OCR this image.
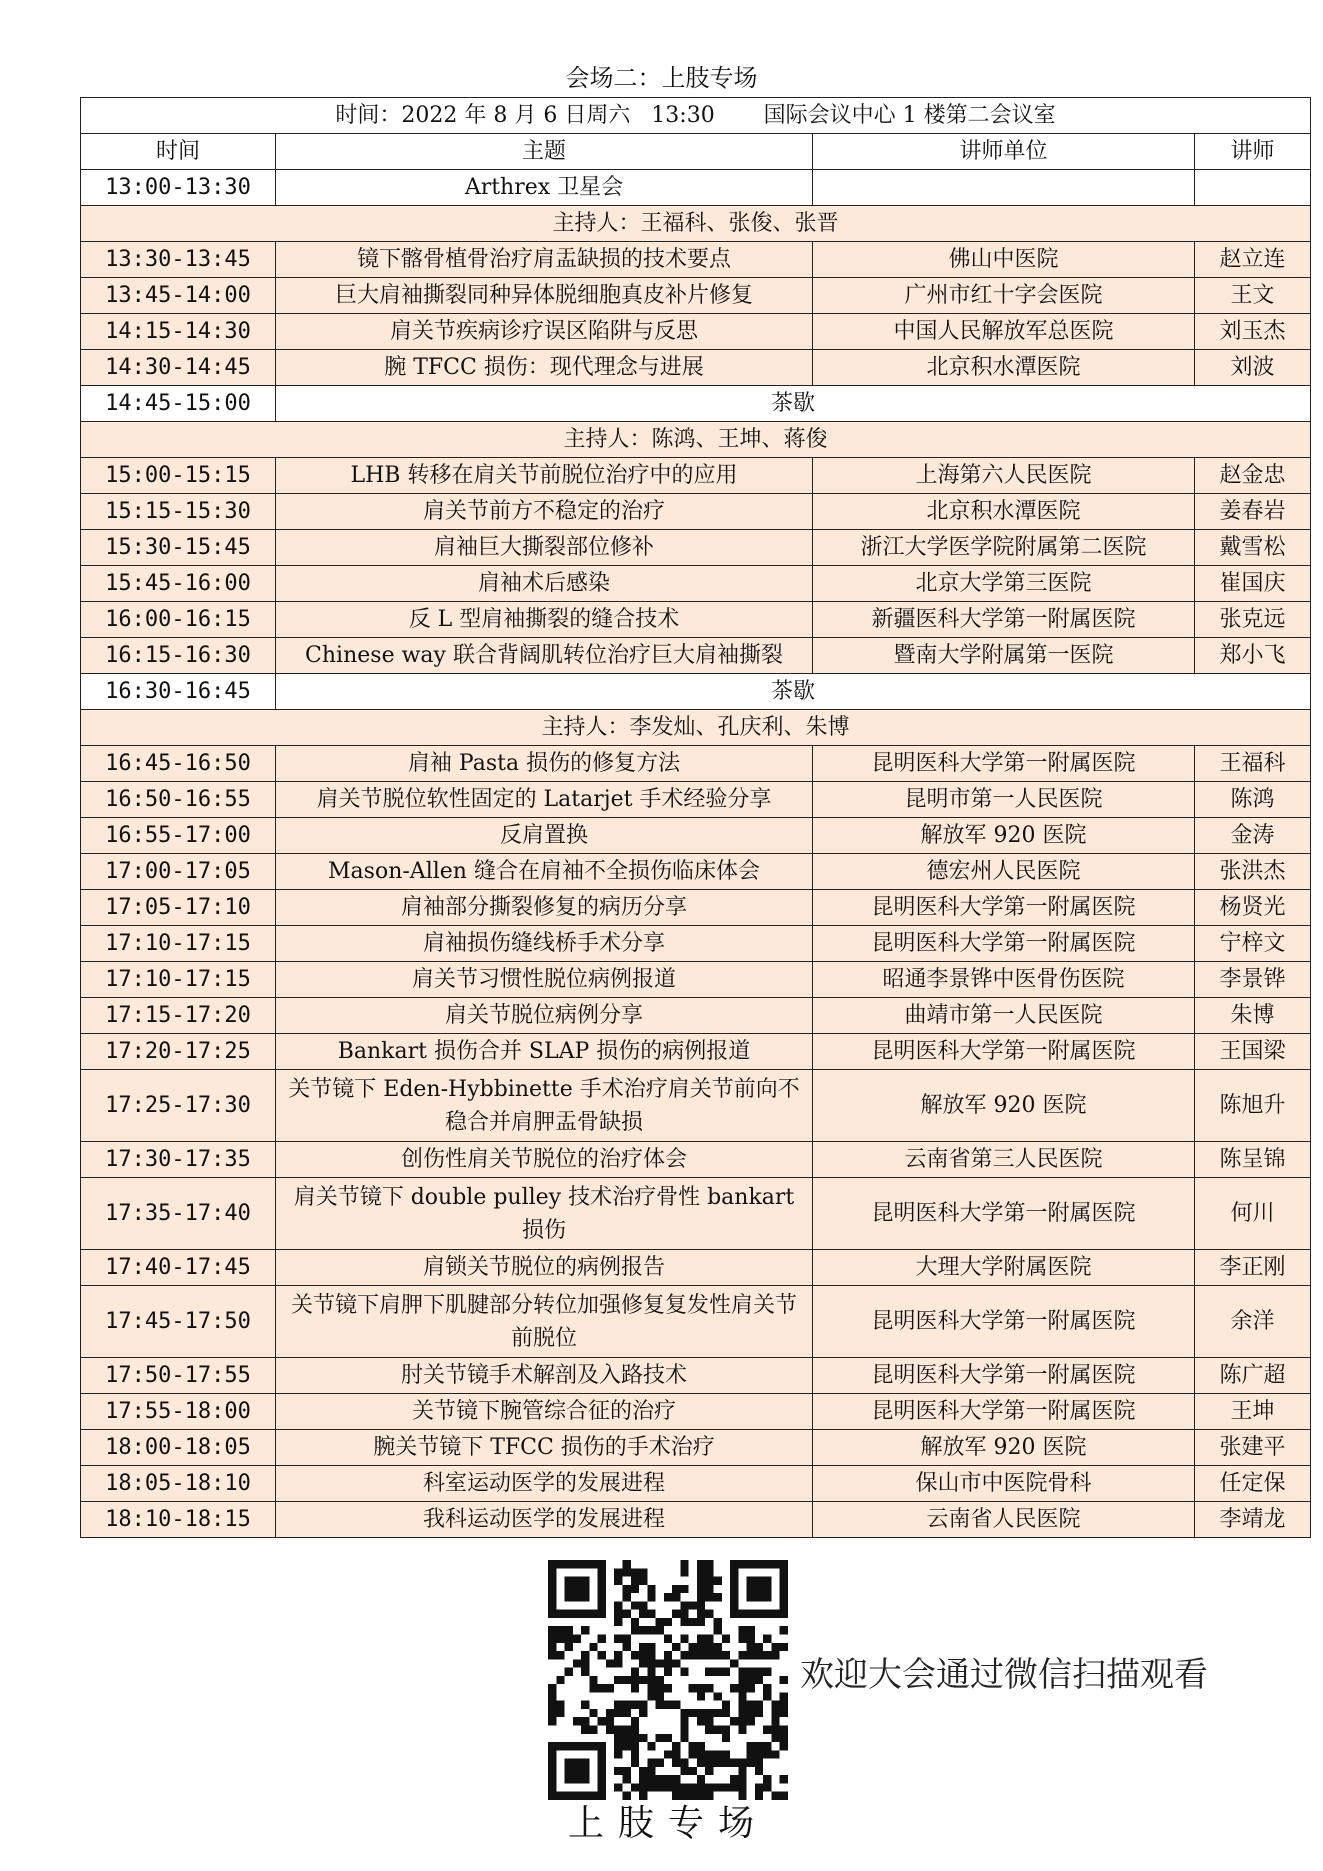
会场二：上肢专场
时间：2022 年 8 月 6 日周六   13:30       国际会议中心 1 楼第二会议室			
时间	主题	讲师单位	讲师
13:00-13:30	Arthrex 卫星会		
主持人：王福科、张俊、张晋			
13:30-13:45	镜下髂骨植骨治疗肩盂缺损的技术要点	佛山中医院	赵立连
13:45-14:00	巨大肩袖撕裂同种异体脱细胞真皮补片修复	广州市红十字会医院	王文
14:15-14:30	肩关节疾病诊疗误区陷阱与反思	中国人民解放军总医院	刘玉杰
14:30-14:45	腕 TFCC 损伤：现代理念与进展	北京积水潭医院	刘波
14:45-15:00	茶歇		
主持人：陈鸿、王坤、蒋俊			
15:00-15:15	LHB 转移在肩关节前脱位治疗中的应用	上海第六人民医院	赵金忠
15:15-15:30	肩关节前方不稳定的治疗	北京积水潭医院	姜春岩
15:30-15:45	肩袖巨大撕裂部位修补	浙江大学医学院附属第二医院	戴雪松
15:45-16:00	肩袖术后感染	北京大学第三医院	崔国庆
16:00-16:15	反 L 型肩袖撕裂的缝合技术	新疆医科大学第一附属医院	张克远
16:15-16:30	Chinese way 联合背阔肌转位治疗巨大肩袖撕裂	暨南大学附属第一医院	郑小飞
16:30-16:45	茶歇		
主持人：李发灿、孔庆利、朱博			
16:45-16:50	肩袖 Pasta 损伤的修复方法	昆明医科大学第一附属医院	王福科
16:50-16:55	肩关节脱位软性固定的 Latarjet 手术经验分享	昆明市第一人民医院	陈鸿
16:55-17:00	反肩置换	解放军 920 医院	金涛
17:00-17:05	Mason-Allen 缝合在肩袖不全损伤临床体会	德宏州人民医院	张洪杰
17:05-17:10	肩袖部分撕裂修复的病历分享	昆明医科大学第一附属医院	杨贤光
17:10-17:15	肩袖损伤缝线桥手术分享	昆明医科大学第一附属医院	宁梓文
17:10-17:15	肩关节习惯性脱位病例报道	昭通李景铧中医骨伤医院	李景铧
17:15-17:20	肩关节脱位病例分享	曲靖市第一人民医院	朱博
17:20-17:25	Bankart 损伤合并 SLAP 损伤的病例报道	昆明医科大学第一附属医院	王国梁
17:25-17:30	关节镜下 Eden-Hybbinette 手术治疗肩关节前向不稳合并肩胛盂骨缺损	解放军 920 医院	陈旭升
17:30-17:35	创伤性肩关节脱位的治疗体会	云南省第三人民医院	陈呈锦
17:35-17:40	肩关节镜下 double pulley 技术治疗骨性 bankart 损伤	昆明医科大学第一附属医院	何川
17:40-17:45	肩锁关节脱位的病例报告	大理大学附属医院	李正刚
17:45-17:50	关节镜下肩胛下肌腱部分转位加强修复复发性肩关节前脱位	昆明医科大学第一附属医院	余洋
17:50-17:55	肘关节镜手术解剖及入路技术	昆明医科大学第一附属医院	陈广超
17:55-18:00	关节镜下腕管综合征的治疗	昆明医科大学第一附属医院	王坤
18:00-18:05	腕关节镜下 TFCC 损伤的手术治疗	解放军 920 医院	张建平
18:05-18:10	科室运动医学的发展进程	保山市中医院骨科	任定保
18:10-18:15	我科运动医学的发展进程	云南省人民医院	李靖龙
欢迎大会通过微信扫描观看
上肢专场
